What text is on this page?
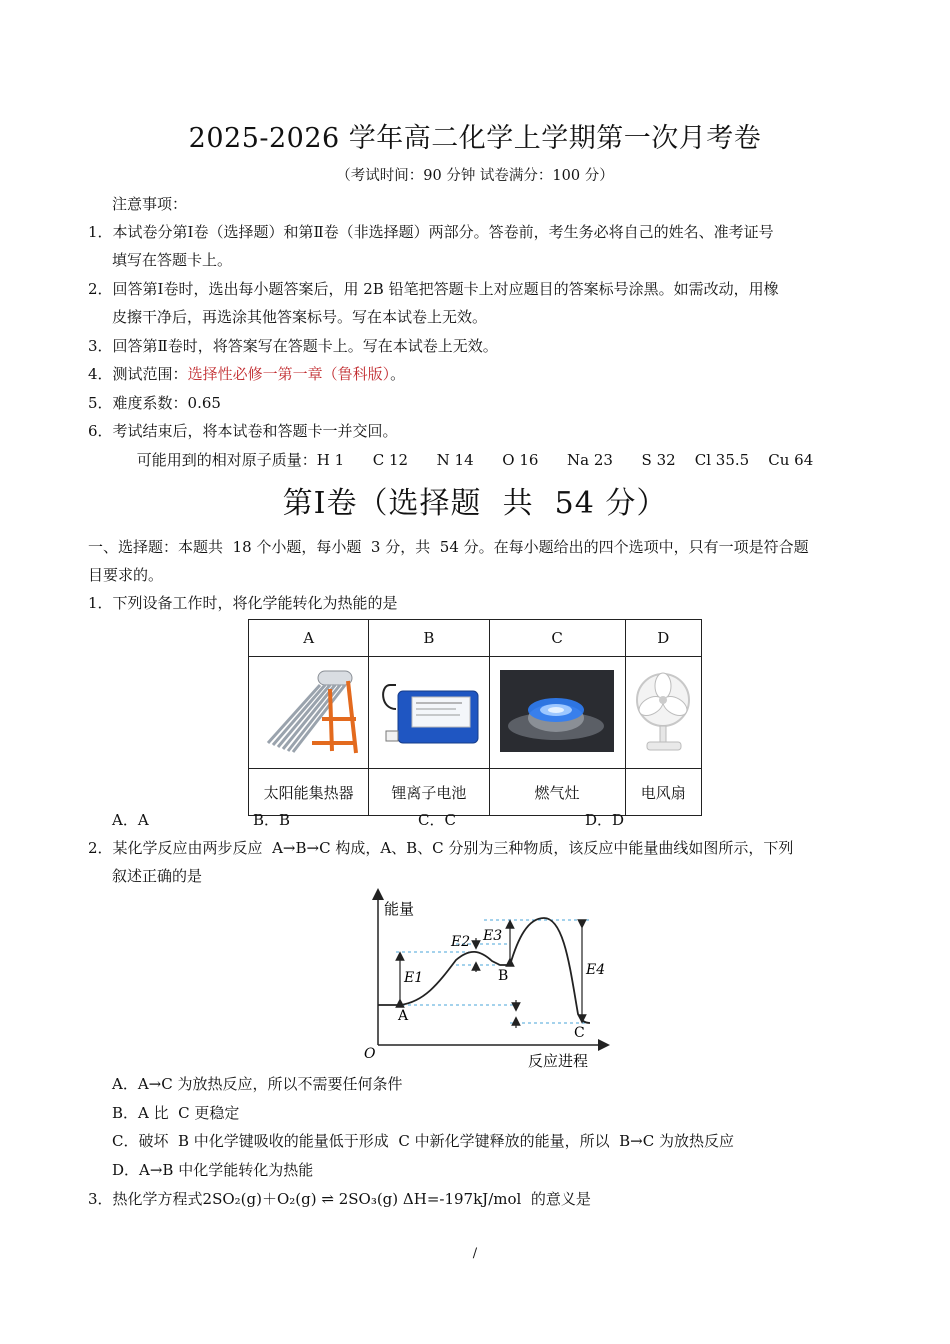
2025-2026 学年高二化学上学期第一次月考卷
（考试时间：90 分钟 试卷满分：100 分）
注意事项：
1．本试卷分第Ⅰ卷（选择题）和第Ⅱ卷（非选择题）两部分。答卷前，考生务必将自己的姓名、准考证号
填写在答题卡上。
2．回答第Ⅰ卷时，选出每小题答案后，用 2B 铅笔把答题卡上对应题目的答案标号涂黑。如需改动，用橡
皮擦干净后，再选涂其他答案标号。写在本试卷上无效。
3．回答第Ⅱ卷时，将答案写在答题卡上。写在本试卷上无效。
4．测试范围：选择性必修一第一章（鲁科版）。
5．难度系数：0.65
6．考试结束后，将本试卷和答题卡一并交回。
可能用到的相对原子质量：H 1      C 12      N 14      O 16      Na 23      S 32    Cl 35.5    Cu 64
第Ⅰ卷（选择题  共  54 分）
一、选择题：本题共  18 个小题，每小题  3 分，共  54 分。在每小题给出的四个选项中，只有一项是符合题
目要求的。
1．下列设备工作时，将化学能转化为热能的是
A	B	C	D

太阳能集热器	锂离子电池	燃气灶	电风扇
A．A	B．B	C．C	D．D
2．某化学反应由两步反应  A→B→C 构成，A、B、C 分别为三种物质，该反应中能量曲线如图所示，下列
叙述正确的是
能量
反应进程
O
E1
E2 E3
E4
A
B
C
A．A→C 为放热反应，所以不需要任何条件
B．A 比  C 更稳定
C．破坏  B 中化学键吸收的能量低于形成  C 中新化学键释放的能量，所以  B→C 为放热反应
D．A→B 中化学能转化为热能
3．热化学方程式2SO₂(g)＋O₂(g) ⇌ 2SO₃(g) ΔH=-197kJ/mol 的意义是
/
